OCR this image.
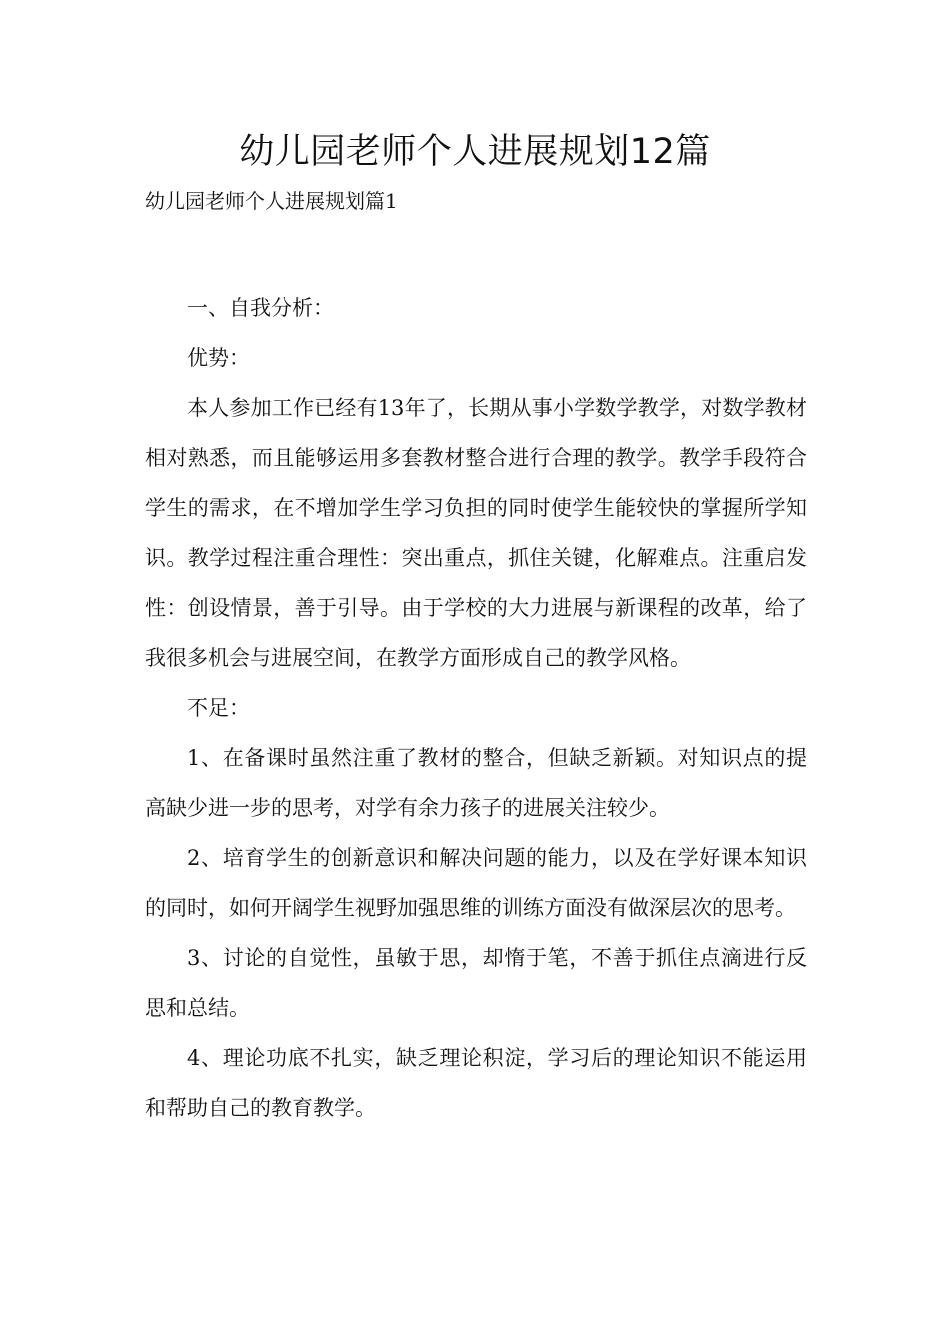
幼儿园老师个人进展规划12篇
幼儿园老师个人进展规划篇1

一、自我分析：

优势：

本人参加工作已经有13年了，长期从事小学数学教学，对数学教材相对熟悉，而且能够运用多套教材整合进行合理的教学。教学手段符合学生的需求，在不增加学生学习负担的同时使学生能较快的掌握所学知识。教学过程注重合理性：突出重点，抓住关键，化解难点。注重启发性：创设情景，善于引导。由于学校的大力进展与新课程的改革，给了我很多机会与进展空间，在教学方面形成自己的教学风格。

不足：

1、在备课时虽然注重了教材的整合，但缺乏新颖。对知识点的提高缺少进一步的思考，对学有余力孩子的进展关注较少。

2、培育学生的创新意识和解决问题的能力，以及在学好课本知识的同时，如何开阔学生视野加强思维的训练方面没有做深层次的思考。

3、讨论的自觉性，虽敏于思，却惰于笔，不善于抓住点滴进行反思和总结。

4、理论功底不扎实，缺乏理论积淀，学习后的理论知识不能运用和帮助自己的教育教学。
